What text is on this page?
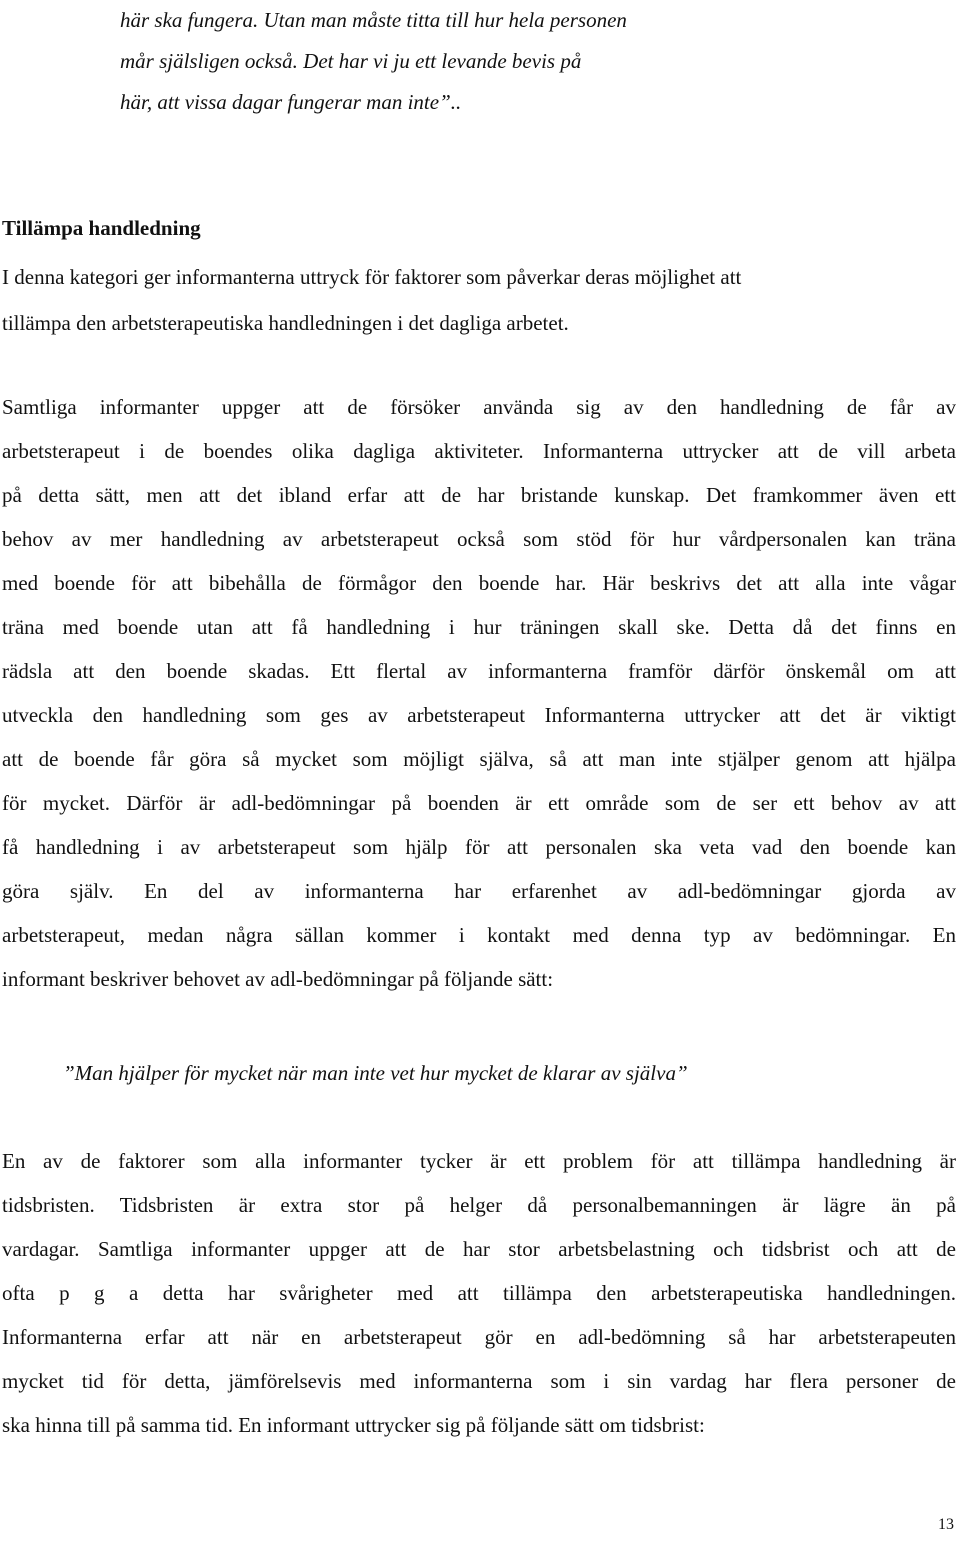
här ska fungera. Utan man måste titta till hur hela personen
mår själsligen också. Det har vi ju ett levande bevis på
här, att vissa dagar fungerar man inte”..
Tillämpa handledning
I denna kategori ger informanterna uttryck för faktorer som påverkar deras möjlighet att
tillämpa den arbetsterapeutiska handledningen i det dagliga arbetet.
Samtliga informanter uppger att de försöker använda sig av den handledning de får av
arbetsterapeut i de boendes olika dagliga aktiviteter. Informanterna uttrycker att de vill arbeta
på detta sätt, men att det ibland erfar att de har bristande kunskap. Det framkommer även ett
behov av mer handledning av arbetsterapeut också som stöd för hur vårdpersonalen kan träna
med boende för att bibehålla de förmågor den boende har. Här beskrivs det att alla inte vågar
träna med boende utan att få handledning i hur träningen skall ske. Detta då det finns en
rädsla att den boende skadas. Ett flertal av informanterna framför därför önskemål om att
utveckla den handledning som ges av arbetsterapeut Informanterna uttrycker att det är viktigt
att de boende får göra så mycket som möjligt själva, så att man inte stjälper genom att hjälpa
för mycket. Därför är adl-bedömningar på boenden är ett område som de ser ett behov av att
få handledning i av arbetsterapeut som hjälp för att personalen ska veta vad den boende kan
göra själv. En del av informanterna har erfarenhet av adl-bedömningar gjorda av
arbetsterapeut, medan några sällan kommer i kontakt med denna typ av bedömningar. En
informant beskriver behovet av adl-bedömningar på följande sätt:
”Man hjälper för mycket när man inte vet hur mycket de klarar av själva”
En av de faktorer som alla informanter tycker är ett problem för att tillämpa handledning är
tidsbristen. Tidsbristen är extra stor på helger då personalbemanningen är lägre än på
vardagar. Samtliga informanter uppger att de har stor arbetsbelastning och tidsbrist och att de
ofta p g a detta har svårigheter med att tillämpa den arbetsterapeutiska handledningen.
Informanterna erfar att när en arbetsterapeut gör en adl-bedömning så har arbetsterapeuten
mycket tid för detta, jämförelsevis med informanterna som i sin vardag har flera personer de
ska hinna till på samma tid. En informant uttrycker sig på följande sätt om tidsbrist:
13
